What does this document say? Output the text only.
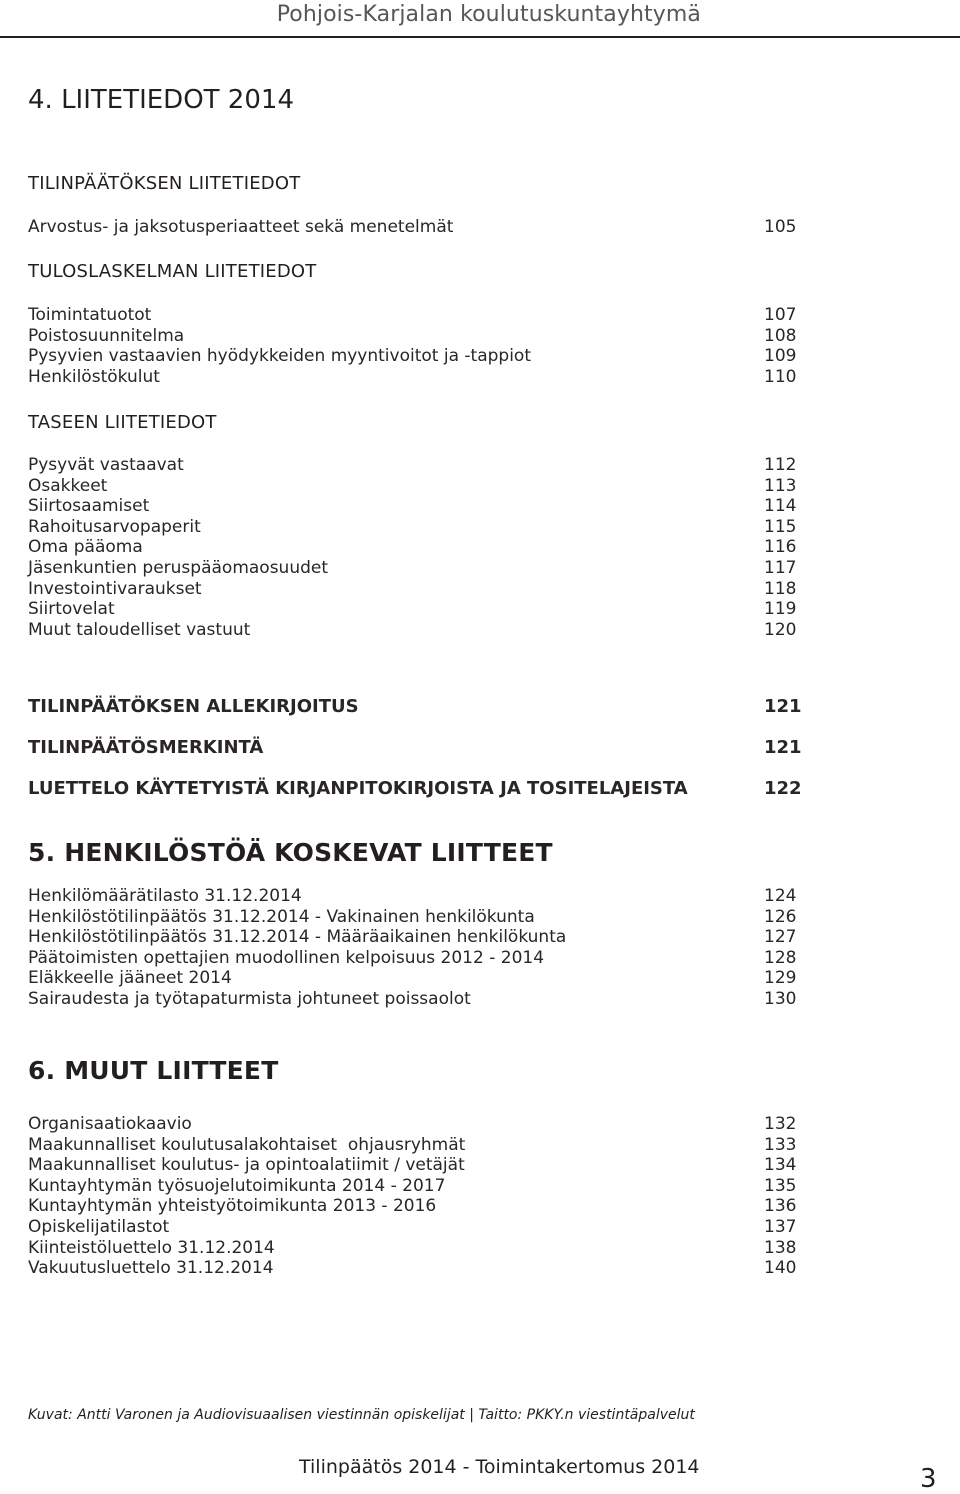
Pohjois-Karjalan koulutuskuntayhtymä
4. LIITETIEDOT 2014
TILINPÄÄTÖKSEN LIITETIEDOT
Arvostus- ja jaksotusperiaatteet sekä menetelmät	105
TULOSLASKELMAN LIITETIEDOT
Toimintatuotot	107
Poistosuunnitelma	108
Pysyvien vastaavien hyödykkeiden myyntivoitot ja -tappiot	109
Henkilöstökulut	110
TASEEN LIITETIEDOT
Pysyvät vastaavat	112
Osakkeet	113
Siirtosaamiset	114
Rahoitusarvopaperit	115
Oma pääoma	116
Jäsenkuntien peruspääomaosuudet	117
Investointivaraukset	118
Siirtovelat	119
Muut taloudelliset vastuut	120
TILINPÄÄTÖKSEN ALLEKIRJOITUS	121
TILINPÄÄTÖSMERKINTÄ	121
LUETTELO KÄYTETYISTÄ KIRJANPITOKIRJOISTA JA TOSITELAJEISTA	122
5. HENKILÖSTÖÄ KOSKEVAT LIITTEET
Henkilömäärätilasto 31.12.2014	124
Henkilöstötilinpäätös 31.12.2014 - Vakinainen henkilökunta	126
Henkilöstötilinpäätös 31.12.2014 - Määräaikainen henkilökunta	127
Päätoimisten opettajien muodollinen kelpoisuus 2012 - 2014	128
Eläkkeelle jääneet 2014	129
Sairaudesta ja työtapaturmista johtuneet poissaolot	130
6. MUUT LIITTEET
Organisaatiokaavio	132
Maakunnalliset koulutusalakohtaiset  ohjausryhmät	133
Maakunnalliset koulutus- ja opintoalatiimit / vetäjät	134
Kuntayhtymän työsuojelutoimikunta 2014 - 2017	135
Kuntayhtymän yhteistyötoimikunta 2013 - 2016	136
Opiskelijatilastot	137
Kiinteistöluettelo 31.12.2014	138
Vakuutusluettelo 31.12.2014	140

Kuvat: Antti Varonen ja Audiovisuaalisen viestinnän opiskelijat | Taitto: PKKY.n viestintäpalvelut

Tilinpäätös 2014 - Toimintakertomus 2014	3
